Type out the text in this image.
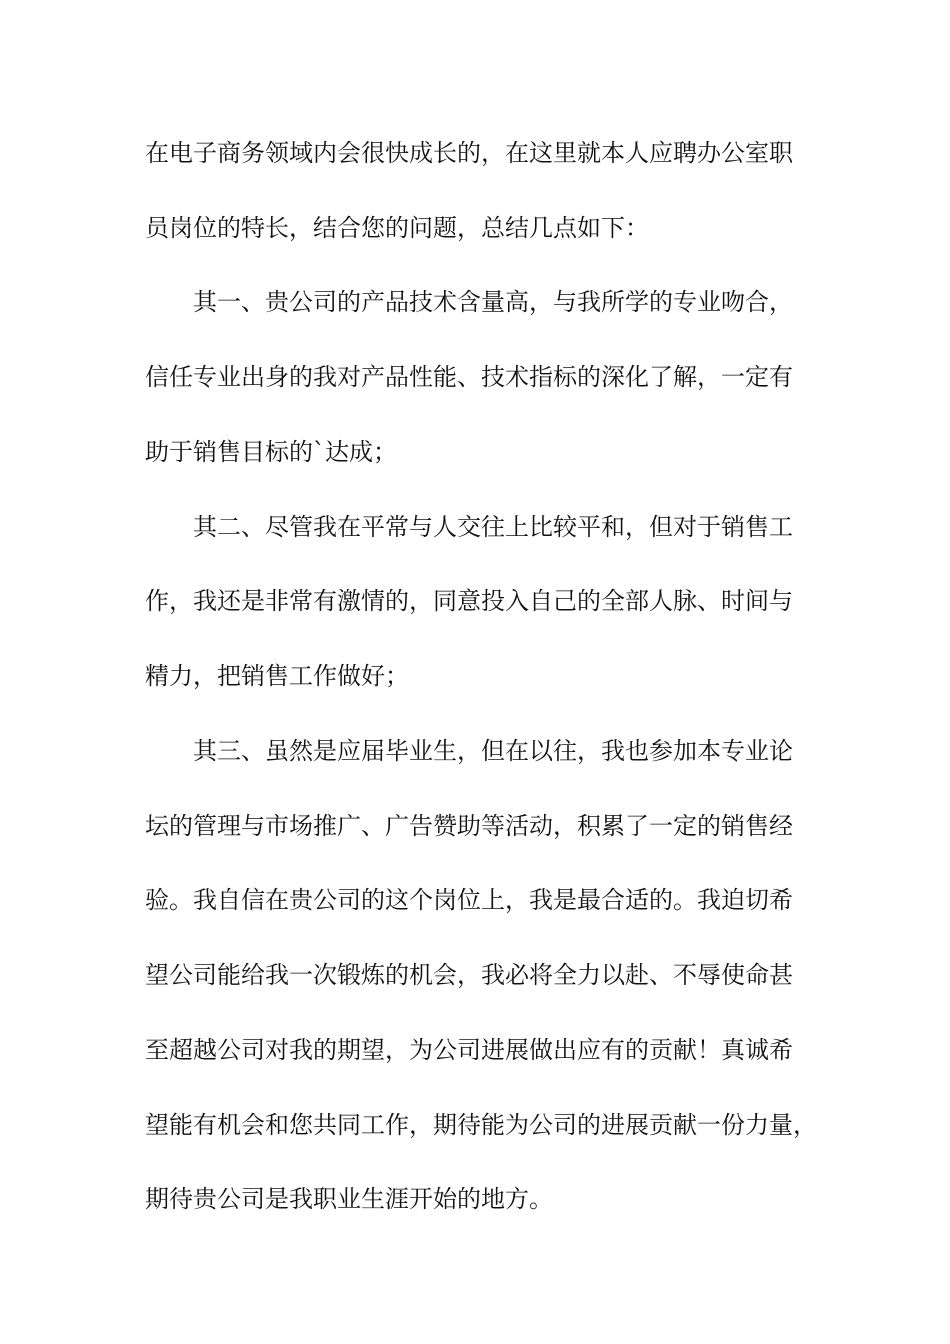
在电子商务领域内会很快成长的，在这里就本人应聘办公室职

员岗位的特长，结合您的问题，总结几点如下：

其一、贵公司的产品技术含量高，与我所学的专业吻合，

信任专业出身的我对产品性能、技术指标的深化了解，一定有

助于销售目标的`达成；

其二、尽管我在平常与人交往上比较平和，但对于销售工

作，我还是非常有激情的，同意投入自己的全部人脉、时间与

精力，把销售工作做好；

其三、虽然是应届毕业生，但在以往，我也参加本专业论

坛的管理与市场推广、广告赞助等活动，积累了一定的销售经

验。我自信在贵公司的这个岗位上，我是最合适的。我迫切希

望公司能给我一次锻炼的机会，我必将全力以赴、不辱使命甚

至超越公司对我的期望，为公司进展做出应有的贡献！真诚希

望能有机会和您共同工作，期待能为公司的进展贡献一份力量，

期待贵公司是我职业生涯开始的地方。
